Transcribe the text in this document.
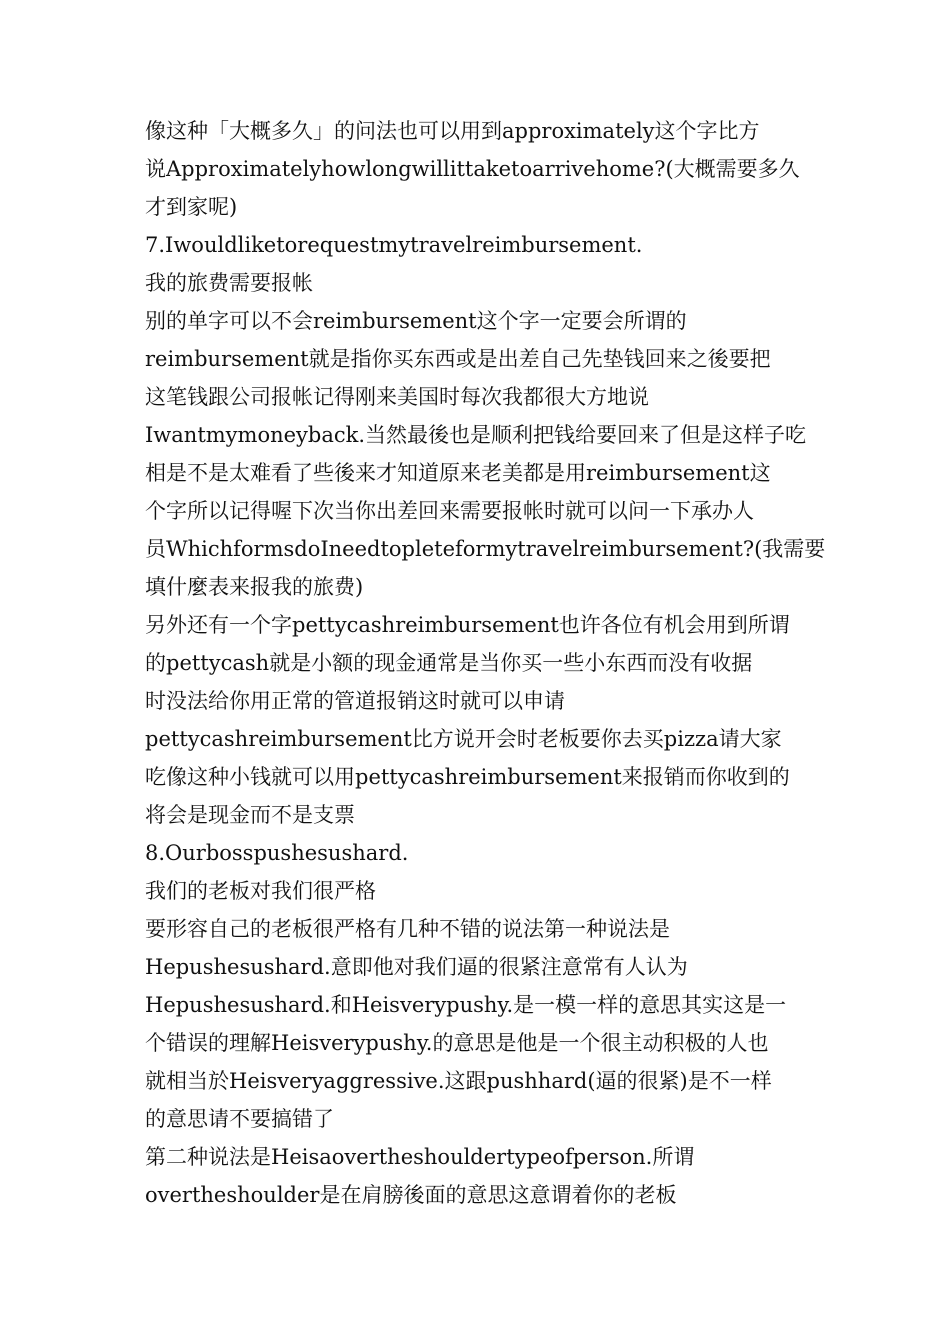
像这种「大概多久」的问法也可以用到approximately这个字比方
说Approximatelyhowlongwillittaketoarrivehome?(大概需要多久
才到家呢)
7.Iwouldliketorequestmytravelreimbursement.
我的旅费需要报帐
别的单字可以不会reimbursement这个字一定要会所谓的
reimbursement就是指你买东西或是出差自己先垫钱回来之後要把
这笔钱跟公司报帐记得刚来美国时每次我都很大方地说
Iwantmymoneyback.当然最後也是顺利把钱给要回来了但是这样子吃
相是不是太难看了些後来才知道原来老美都是用reimbursement这
个字所以记得喔下次当你出差回来需要报帐时就可以问一下承办人
员WhichformsdoIneedtopleteformytravelreimbursement?(我需要
填什麼表来报我的旅费)
另外还有一个字pettycashreimbursement也许各位有机会用到所谓
的pettycash就是小额的现金通常是当你买一些小东西而没有收据
时没法给你用正常的管道报销这时就可以申请
pettycashreimbursement比方说开会时老板要你去买pizza请大家
吃像这种小钱就可以用pettycashreimbursement来报销而你收到的
将会是现金而不是支票
8.Ourbosspushesushard.
我们的老板对我们很严格
要形容自己的老板很严格有几种不错的说法第一种说法是
Hepushesushard.意即他对我们逼的很紧注意常有人认为
Hepushesushard.和Heisverypushy.是一模一样的意思其实这是一
个错误的理解Heisverypushy.的意思是他是一个很主动积极的人也
就相当於Heisveryaggressive.这跟pushhard(逼的很紧)是不一样
的意思请不要搞错了
第二种说法是Heisaovertheshouldertypeofperson.所谓
overtheshoulder是在肩膀後面的意思这意谓着你的老板
